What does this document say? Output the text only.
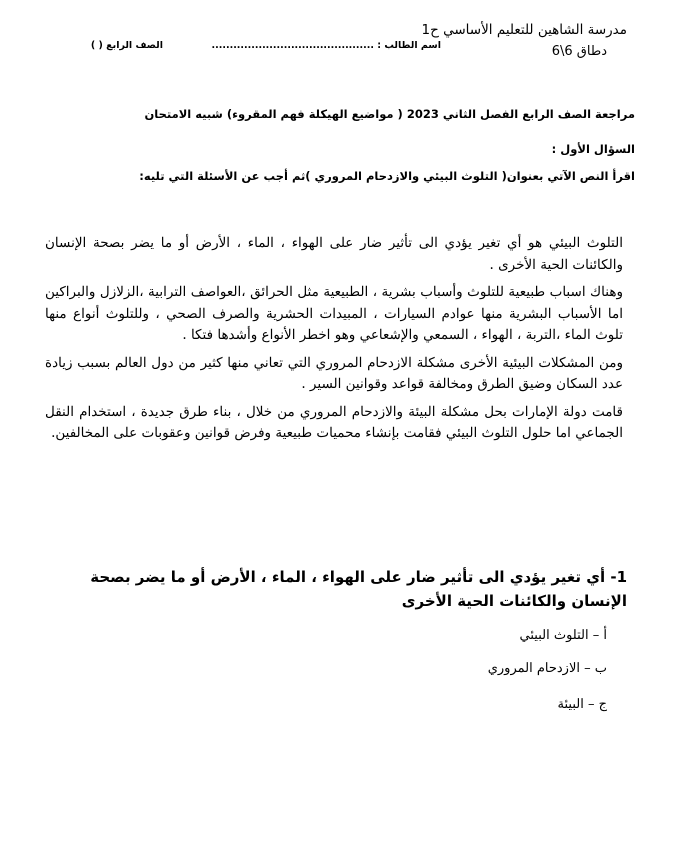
مدرسة الشاهين للتعليم الأساسي ح1
دطاق 6\6
اسم الطالب : .............................................
الصف الرابع ( )
مراجعة الصف الرابع الفصل الثاني 2023 ( مواضيع الهيكلة فهم المقروء) شبيه الامتحان
السؤال الأول :
اقرأ النص الآتي بعنوان( التلوث البيئي والازدحام المروري )ثم أجب عن الأسئلة التي تليه:

التلوث البيئي هو أي تغير يؤدي الى تأثير ضار على الهواء ، الماء ، الأرض أو ما يضر بصحة الإنسان والكائنات الحية الأخرى .

وهناك اسباب طبيعية للتلوث وأسباب بشرية ، الطبيعية مثل الحرائق ،العواصف الترابية ،الزلازل والبراكين اما الأسباب البشرية منها عوادم السيارات ، المبيدات الحشرية والصرف الصحي ، وللتلوث أنواع منها تلوث الماء ،التربة ، الهواء ، السمعي والإشعاعي وهو اخطر الأنواع وأشدها فتكا .

ومن المشكلات البيئية الأخرى مشكلة الازدحام المروري التي تعاني منها كثير من دول العالم بسبب زيادة عدد السكان وضيق الطرق ومخالفة قواعد وقوانين السير .

قامت دولة الإمارات بحل مشكلة البيئة والازدحام المروري من خلال ، بناء طرق جديدة ، استخدام النقل الجماعي اما حلول التلوث البيئي فقامت بإنشاء محميات طبيعية وفرض قوانين وعقوبات على المخالفين.

1- أي تغير يؤدي الى تأثير ضار على الهواء ، الماء ، الأرض أو ما يضر بصحة الإنسان والكائنات الحية الأخرى

أ – التلوث البيئي
ب – الازدحام المروري
ج – البيئة
